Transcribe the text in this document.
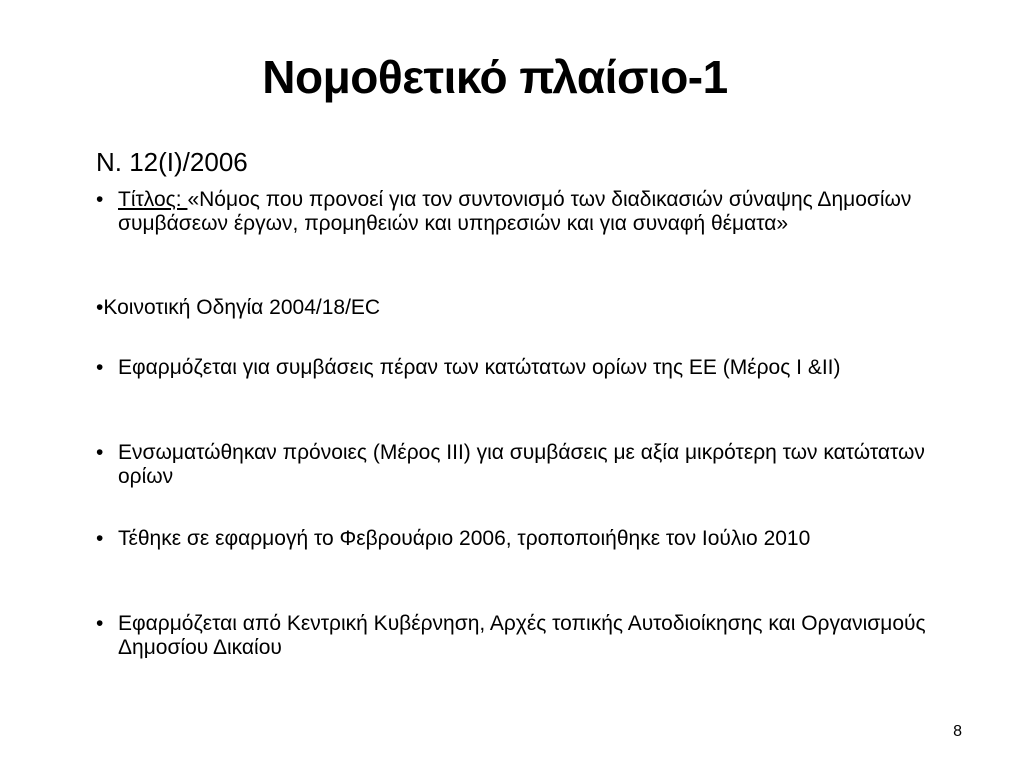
Νομοθετικό πλαίσιο-1
Ν. 12(Ι)/2006
• Τίτλος: «Νόμος που προνοεί για τον συντονισμό των διαδικασιών σύναψης Δημοσίων συμβάσεων έργων, προμηθειών και υπηρεσιών και για συναφή θέματα»
•Κοινοτική Οδηγία 2004/18/EC
• Εφαρμόζεται για συμβάσεις πέραν των κατώτατων ορίων της ΕΕ (Μέρος Ι &ΙΙ)
• Ενσωματώθηκαν πρόνοιες (Μέρος ΙΙΙ) για συμβάσεις με αξία μικρότερη των κατώτατων ορίων
• Τέθηκε σε εφαρμογή το Φεβρουάριο 2006, τροποποιήθηκε τον Ιούλιο 2010
• Εφαρμόζεται από Κεντρική Κυβέρνηση, Αρχές τοπικής Αυτοδιοίκησης και Οργανισμούς Δημοσίου Δικαίου
8
